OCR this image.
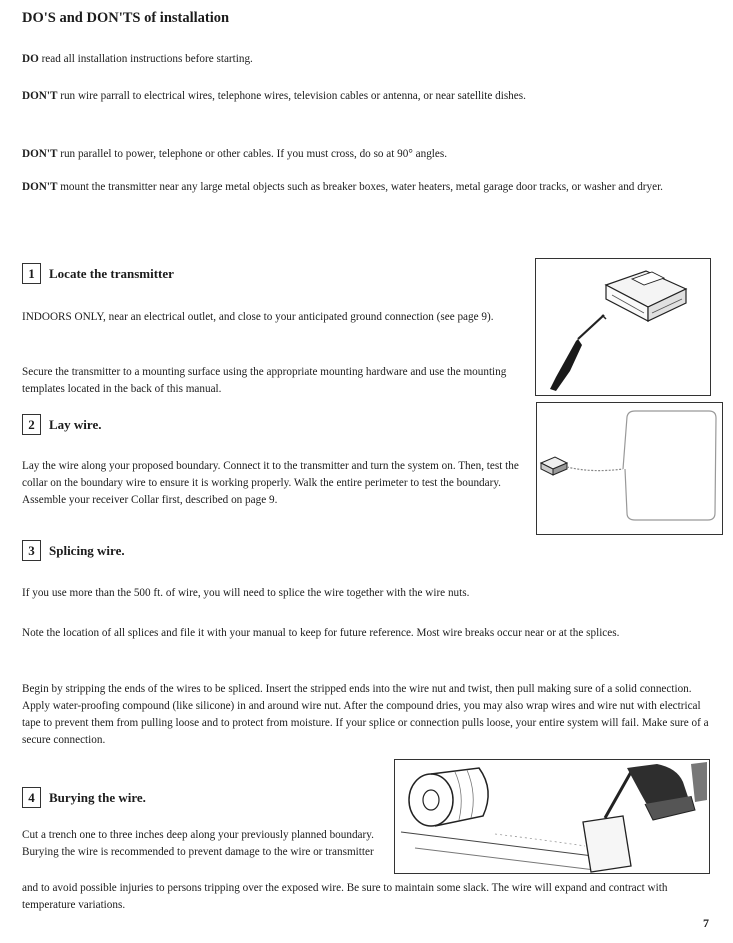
DO'S and DON'TS of installation

DO read all installation instructions before starting.

DON'T run wire parrall to electrical wires, telephone wires, television cables or antenna, or near satellite dishes.

DON'T run parallel to power, telephone or other cables. If you must cross, do so at 90° angles.

DON'T mount the transmitter near any large metal objects such as breaker boxes, water heaters, metal garage door tracks, or washer and dryer.

1	Locate the transmitter

INDOORS ONLY, near an electrical outlet, and close to your anticipated ground connection (see page 9).

Secure the transmitter to a mounting surface using the appropriate mounting hardware and use the mounting templates located in the back of this manual.

2	Lay wire.

Lay the wire along your proposed boundary. Connect it to the transmitter and turn the system on. Then, test the collar on the boundary wire to ensure it is working properly. Walk the entire perimeter to test the boundary. Assemble your receiver Collar first, described on page 9.

3	Splicing wire.

If you use more than the 500 ft. of wire, you will need to splice the wire together with the wire nuts.

Note the location of all splices and file it with your manual to keep for future reference. Most wire breaks occur near or at the splices.

Begin by stripping the ends of the wires to be spliced. Insert the stripped ends into the wire nut and twist, then pull making sure of a solid connection. Apply water-proofing compound (like silicone) in and around wire nut. After the compound dries, you may also wrap wires and wire nut with electrical tape to prevent them from pulling loose and to protect from moisture. If your splice or connection pulls loose, your entire system will fail. Make sure of a secure connection.

4	Burying the wire.

Cut a trench one to three inches deep along your previously planned boundary. Burying the wire is recommended to prevent damage to the wire or transmitter

and to avoid possible injuries to persons tripping over the exposed wire. Be sure to maintain some slack. The wire will expand and contract with temperature variations.

7
